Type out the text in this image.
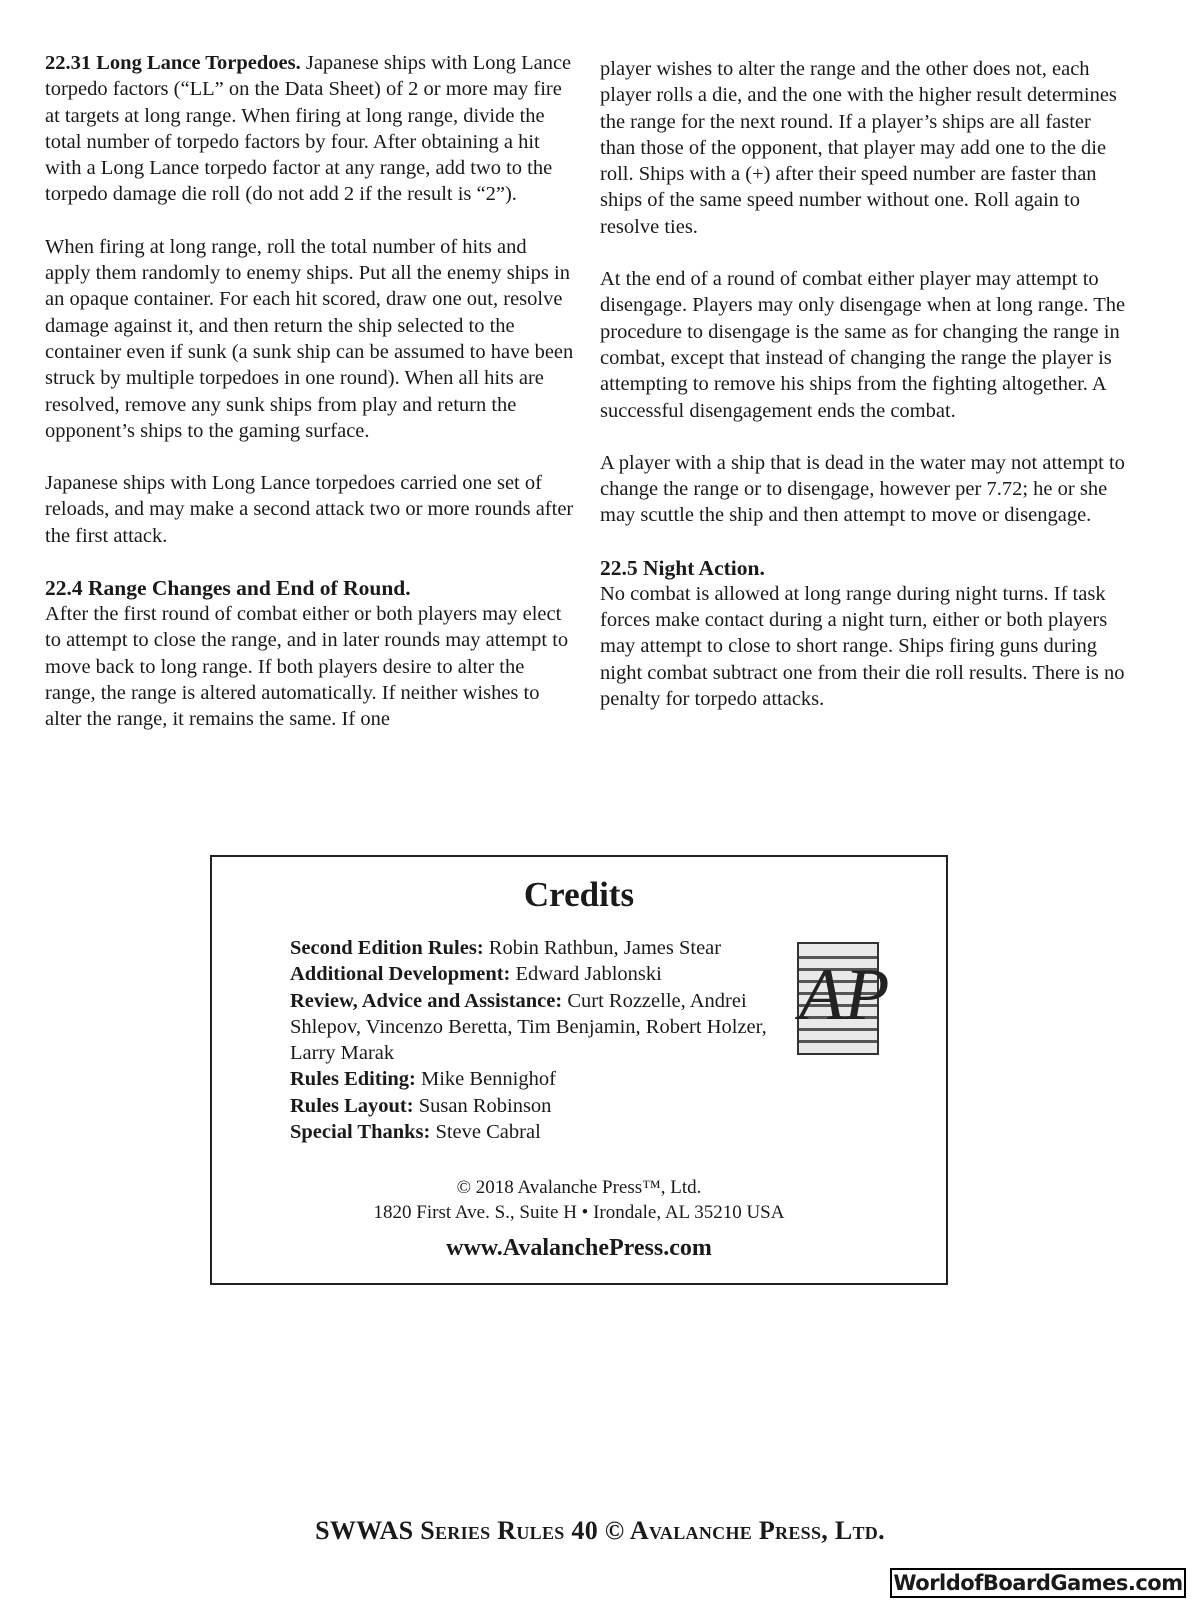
22.31 Long Lance Torpedoes. Japanese ships with Long Lance torpedo factors (“LL” on the Data Sheet) of 2 or more may fire at targets at long range. When firing at long range, divide the total number of torpedo factors by four. After obtaining a hit with a Long Lance torpedo factor at any range, add two to the torpedo damage die roll (do not add 2 if the result is “2”).

When firing at long range, roll the total number of hits and apply them randomly to enemy ships. Put all the enemy ships in an opaque container. For each hit scored, draw one out, resolve damage against it, and then return the ship selected to the container even if sunk (a sunk ship can be assumed to have been struck by multiple torpedoes in one round). When all hits are resolved, remove any sunk ships from play and return the opponent’s ships to the gaming surface.

Japanese ships with Long Lance torpedoes carried one set of reloads, and may make a second attack two or more rounds after the first attack.

22.4 Range Changes and End of Round.

After the first round of combat either or both players may elect to attempt to close the range, and in later rounds may attempt to move back to long range. If both players desire to alter the range, the range is altered automatically. If neither wishes to alter the range, it remains the same. If one

player wishes to alter the range and the other does not, each player rolls a die, and the one with the higher result determines the range for the next round. If a player’s ships are all faster than those of the opponent, that player may add one to the die roll. Ships with a (+) after their speed number are faster than ships of the same speed number without one. Roll again to resolve ties.

At the end of a round of combat either player may attempt to disengage. Players may only disengage when at long range. The procedure to disengage is the same as for changing the range in combat, except that instead of changing the range the player is attempting to remove his ships from the fighting altogether. A successful disengagement ends the combat.

A player with a ship that is dead in the water may not attempt to change the range or to disengage, however per 7.72; he or she may scuttle the ship and then attempt to move or disengage.

22.5 Night Action.

No combat is allowed at long range during night turns. If task forces make contact during a night turn, either or both players may attempt to close to short range. Ships firing guns during night combat subtract one from their die roll results. There is no penalty for torpedo attacks.

Credits
Second Edition Rules: Robin Rathbun, James Stear
Additional Development: Edward Jablonski
Review, Advice and Assistance: Curt Rozzelle, Andrei Shlepov, Vincenzo Beretta, Tim Benjamin, Robert Holzer, Larry Marak
Rules Editing: Mike Bennighof
Rules Layout: Susan Robinson
Special Thanks: Steve Cabral
AP
© 2018 Avalanche Press™, Ltd.
1820 First Ave. S., Suite H • Irondale, AL 35210 USA
www.AvalanchePress.com
SWWAS Series Rules 40 © Avalanche Press, Ltd.
WorldofBoardGames.com
